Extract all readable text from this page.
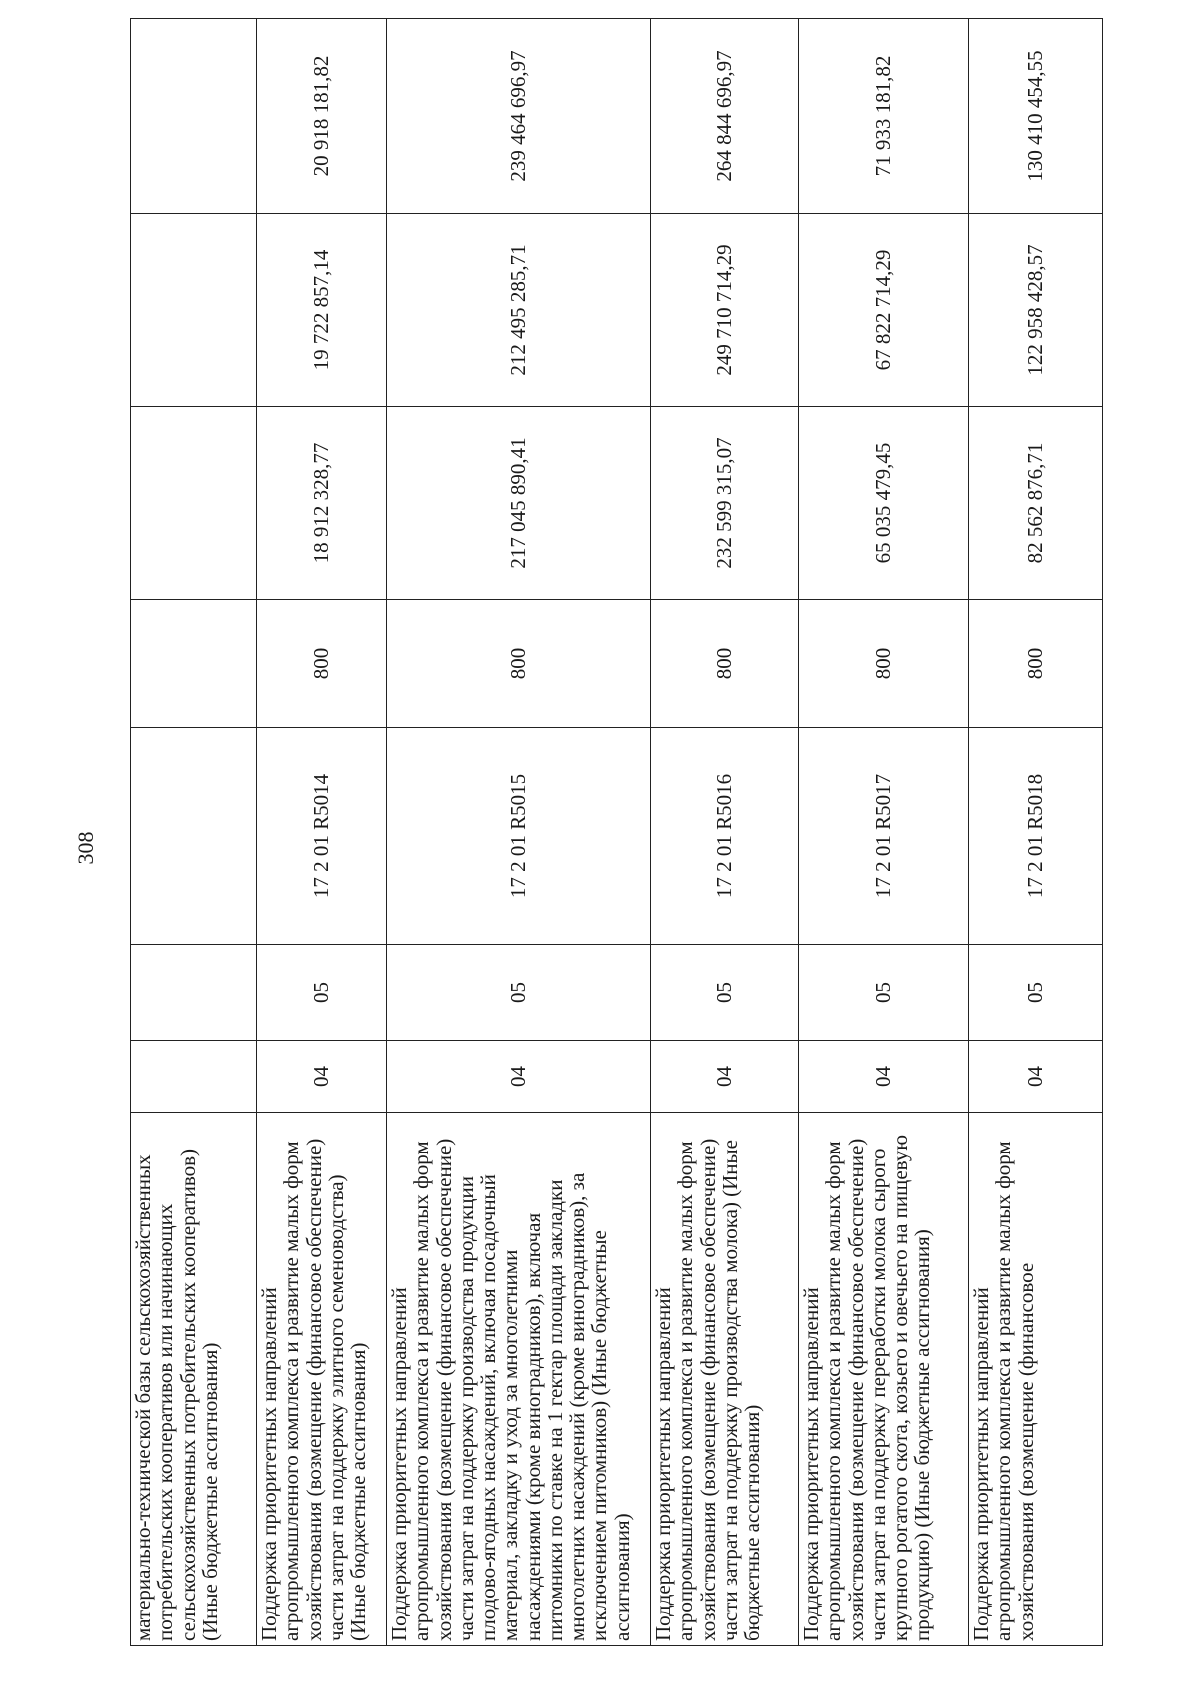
308
материально-технической базы сельскохозяйственных потребительских кооперативов или начинающих сельскохозяйственных потребительских кооперативов) (Иные бюджетные ассигнования)							
Поддержка приоритетных направлений агропромышленного комплекса и развитие малых форм хозяйствования (возмещение (финансовое обеспечение) части затрат на поддержку элитного семеноводства) (Иные бюджетные ассигнования)	04	05	17 2 01 R5014	800	18 912 328,77	19 722 857,14	20 918 181,82
Поддержка приоритетных направлений агропромышленного комплекса и развитие малых форм хозяйствования (возмещение (финансовое обеспечение) части затрат на поддержку производства продукции плодово-ягодных насаждений, включая посадочный материал, закладку и уход за многолетними насаждениями (кроме виноградников), включая питомники по ставке на 1 гектар площади закладки многолетних насаждений (кроме виноградников), за исключением питомников) (Иные бюджетные ассигнования)	04	05	17 2 01 R5015	800	217 045 890,41	212 495 285,71	239 464 696,97
Поддержка приоритетных направлений агропромышленного комплекса и развитие малых форм хозяйствования (возмещение (финансовое обеспечение) части затрат на поддержку производства молока) (Иные бюджетные ассигнования)	04	05	17 2 01 R5016	800	232 599 315,07	249 710 714,29	264 844 696,97
Поддержка приоритетных направлений агропромышленного комплекса и развитие малых форм хозяйствования (возмещение (финансовое обеспечение) части затрат на поддержку переработки молока сырого крупного рогатого скота, козьего и овечьего на пищевую продукцию) (Иные бюджетные ассигнования)	04	05	17 2 01 R5017	800	65 035 479,45	67 822 714,29	71 933 181,82
Поддержка приоритетных направлений агропромышленного комплекса и развитие малых форм хозяйствования (возмещение (финансовое	04	05	17 2 01 R5018	800	82 562 876,71	122 958 428,57	130 410 454,55
